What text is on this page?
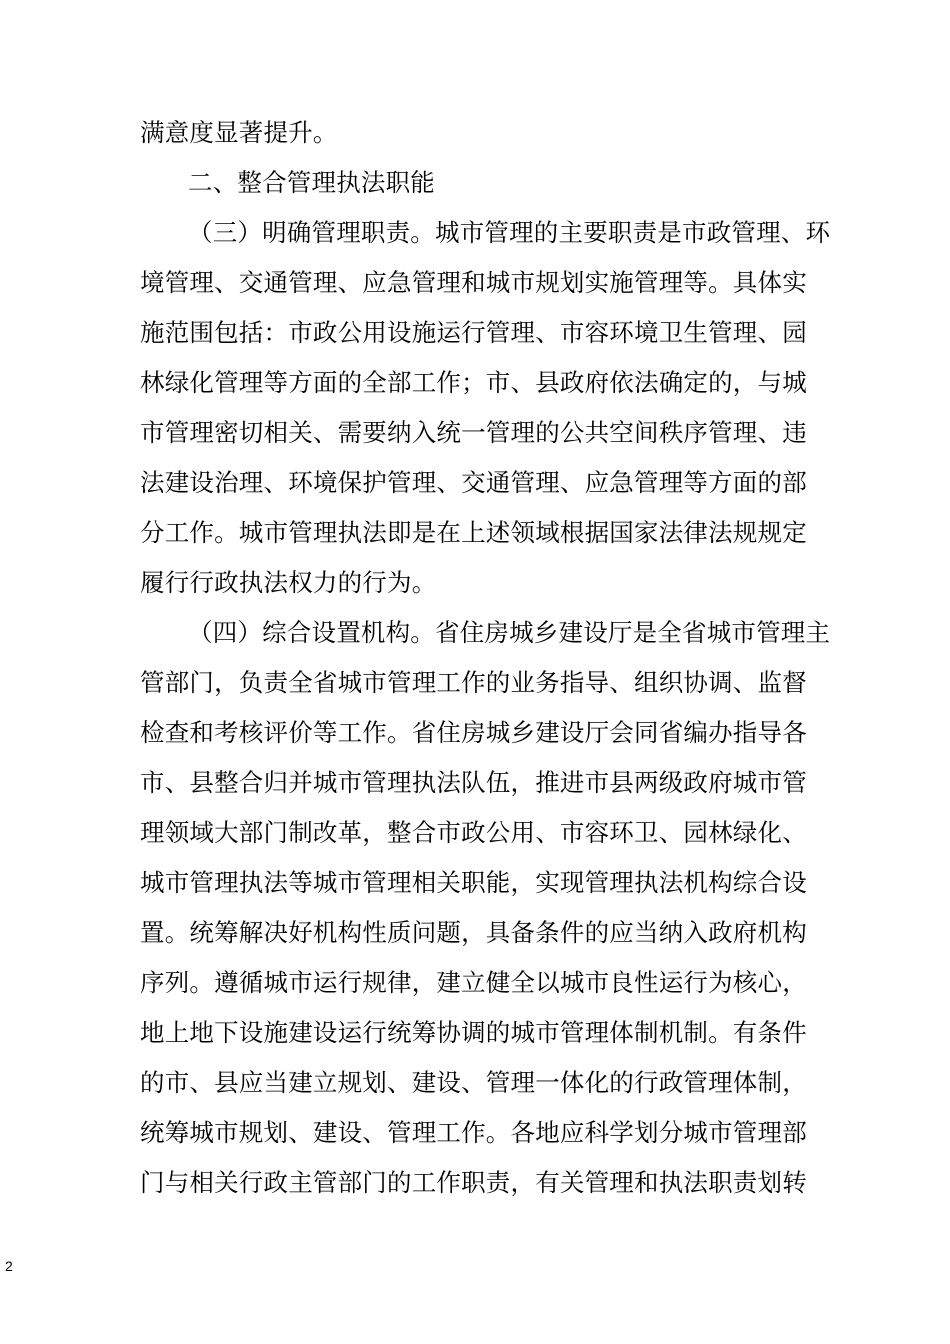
满意度显著提升。
二、整合管理执法职能
（三）明确管理职责。城市管理的主要职责是市政管理、环
境管理、交通管理、应急管理和城市规划实施管理等。具体实
施范围包括：市政公用设施运行管理、市容环境卫生管理、园
林绿化管理等方面的全部工作；市、县政府依法确定的，与城
市管理密切相关、需要纳入统一管理的公共空间秩序管理、违
法建设治理、环境保护管理、交通管理、应急管理等方面的部
分工作。城市管理执法即是在上述领域根据国家法律法规规定
履行行政执法权力的行为。
（四）综合设置机构。省住房城乡建设厅是全省城市管理主
管部门，负责全省城市管理工作的业务指导、组织协调、监督
检查和考核评价等工作。省住房城乡建设厅会同省编办指导各
市、县整合归并城市管理执法队伍，推进市县两级政府城市管
理领域大部门制改革，整合市政公用、市容环卫、园林绿化、
城市管理执法等城市管理相关职能，实现管理执法机构综合设
置。统筹解决好机构性质问题，具备条件的应当纳入政府机构
序列。遵循城市运行规律，建立健全以城市良性运行为核心，
地上地下设施建设运行统筹协调的城市管理体制机制。有条件
的市、县应当建立规划、建设、管理一体化的行政管理体制，
统筹城市规划、建设、管理工作。各地应科学划分城市管理部
门与相关行政主管部门的工作职责，有关管理和执法职责划转
2
